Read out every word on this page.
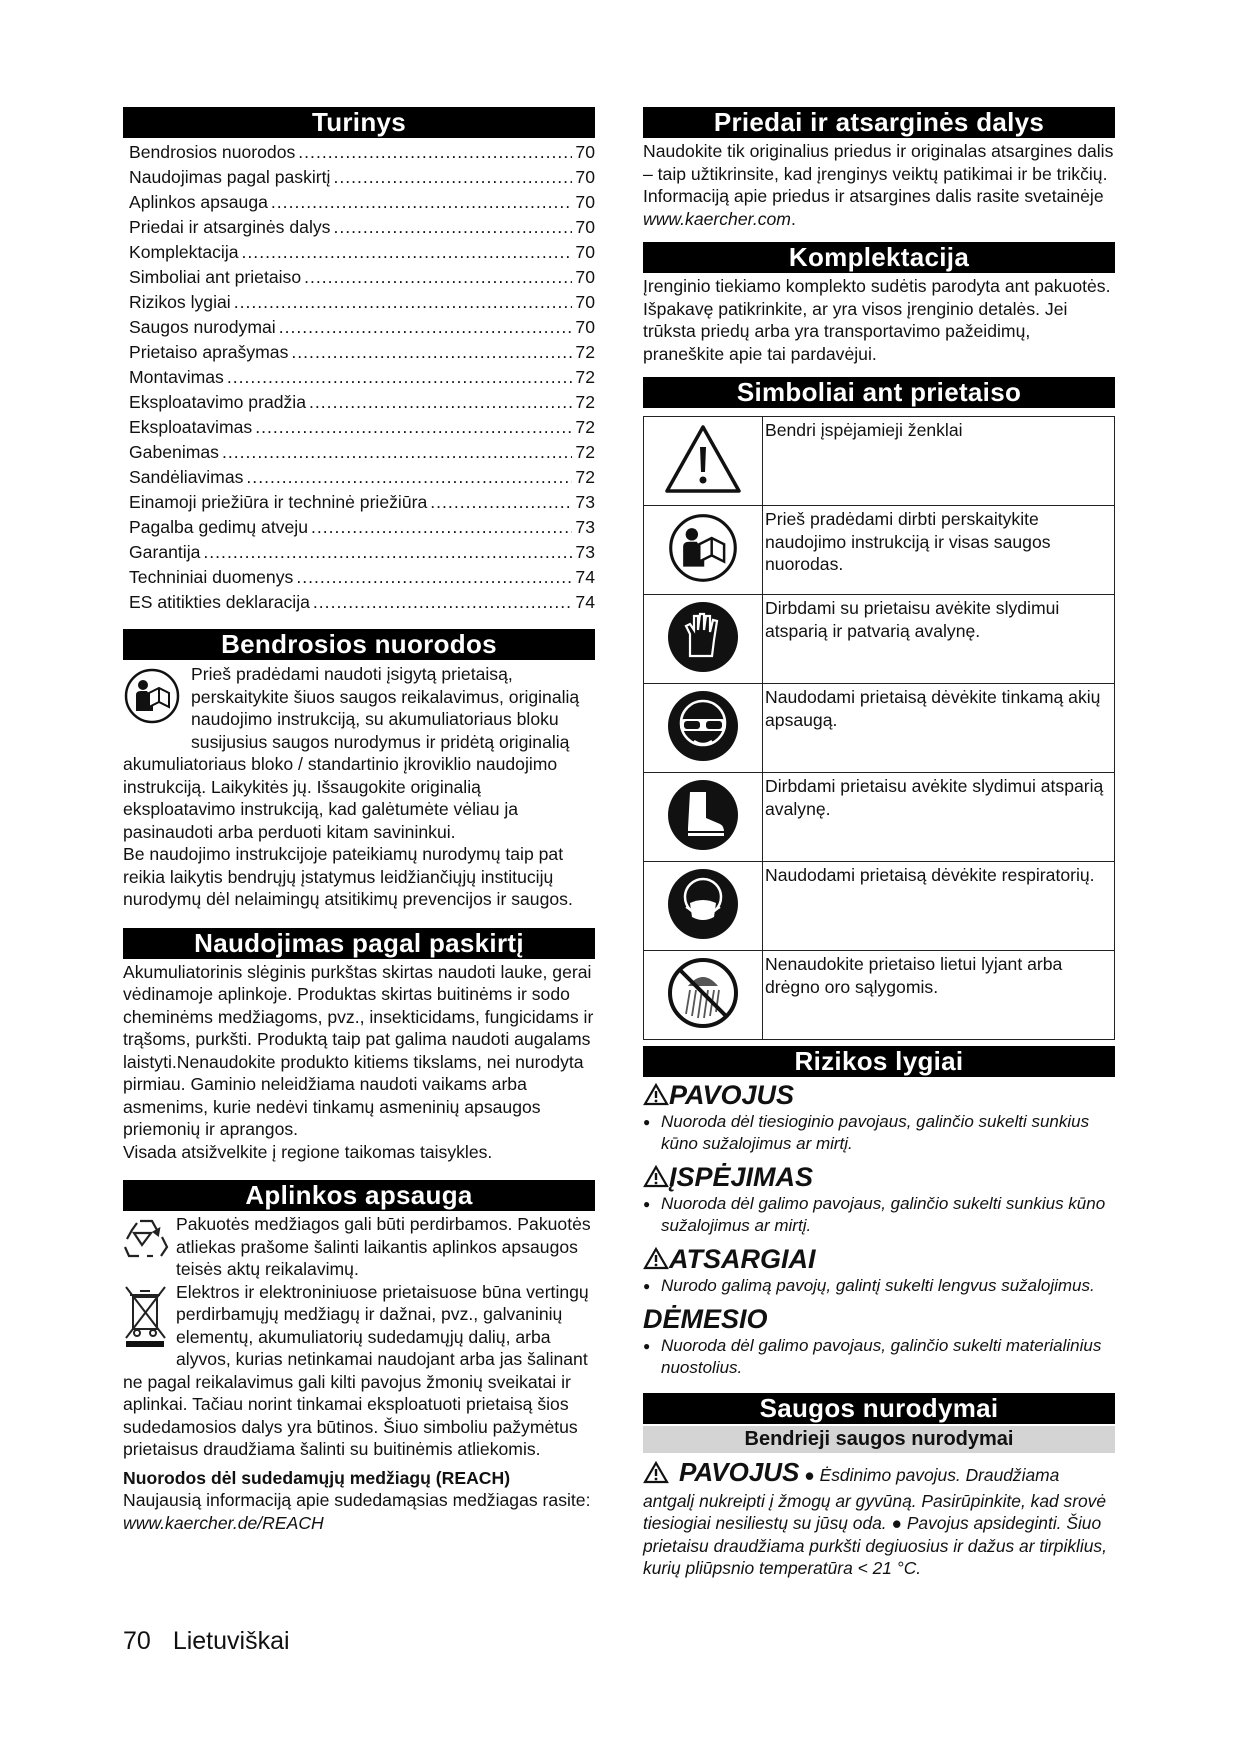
Turinys
Bendrosios nuorodos .....	70
Naudojimas pagal paskirtį .....	70
Aplinkos apsauga .....	70
Priedai ir atsarginės dalys .....	70
Komplektacija .....	70
Simboliai ant prietaiso .....	70
Rizikos lygiai .....	70
Saugos nurodymai .....	70
Prietaiso aprašymas .....	72
Montavimas .....	72
Eksploatavimo pradžia .....	72
Eksploatavimas .....	72
Gabenimas .....	72
Sandėliavimas .....	72
Einamoji priežiūra ir techninė priežiūra .....	73
Pagalba gedimų atveju .....	73
Garantija .....	73
Techniniai duomenys .....	74
ES atitikties deklaracija .....	74
Bendrosios nuorodos

Prieš pradėdami naudoti įsigytą prietaisą, perskaitykite šiuos saugos reikalavimus, originalią naudojimo instrukciją, su akumuliatoriaus bloku susijusius saugos nurodymus ir pridėtą originalią akumuliatoriaus bloko / standartinio įkroviklio naudojimo instrukciją. Laikykitės jų. Išsaugokite originalią eksploatavimo instrukciją, kad galėtumėte vėliau ja pasinaudoti arba perduoti kitam savininkui.

Be naudojimo instrukcijoje pateikiamų nurodymų taip pat reikia laikytis bendrųjų įstatymus leidžiančiųjų institucijų nurodymų dėl nelaimingų atsitikimų prevencijos ir saugos.

Naudojimas pagal paskirtį

Akumuliatorinis slėginis purkštas skirtas naudoti lauke, gerai vėdinamoje aplinkoje. Produktas skirtas buitinėms ir sodo cheminėms medžiagoms, pvz., insekticidams, fungicidams ir trąšoms, purkšti. Produktą taip pat galima naudoti augalams laistyti.Nenaudokite produkto kitiems tikslams, nei nurodyta pirmiau. Gaminio neleidžiama naudoti vaikams arba asmenims, kurie nedėvi tinkamų asmeninių apsaugos priemonių ir aprangos.

Visada atsižvelkite į regione taikomas taisykles.

Aplinkos apsauga

Pakuotės medžiagos gali būti perdirbamos. Pakuotės atliekas prašome šalinti laikantis aplinkos apsaugos teisės aktų reikalavimų.

Elektros ir elektroniniuose prietaisuose būna vertingų perdirbamųjų medžiagų ir dažnai, pvz., galvaninių elementų, akumuliatorių sudedamųjų dalių, arba alyvos, kurias netinkamai naudojant arba jas šalinant ne pagal reikalavimus gali kilti pavojus žmonių sveikatai ir aplinkai. Tačiau norint tinkamai eksploatuoti prietaisą šios sudedamosios dalys yra būtinos. Šiuo simboliu pažymėtus prietaisus draudžiama šalinti su buitinėmis atliekomis.

Nuorodos dėl sudedamųjų medžiagų (REACH)

Naujausią informaciją apie sudedamąsias medžiagas rasite: www.kaercher.de/REACH

Priedai ir atsarginės dalys

Naudokite tik originalius priedus ir originalas atsargines dalis – taip užtikrinsite, kad įrenginys veiktų patikimai ir be trikčių.

Informaciją apie priedus ir atsargines dalis rasite svetainėje www.kaercher.com.

Komplektacija

Įrenginio tiekiamo komplekto sudėtis parodyta ant pakuotės. Išpakavę patikrinkite, ar yra visos įrenginio detalės. Jei trūksta priedų arba yra transportavimo pažeidimų, praneškite apie tai pardavėjui.

Simboliai ant prietaiso
	Bendri įspėjamieji ženklai
	Prieš pradėdami dirbti perskaitykite naudojimo instrukciją ir visas saugos nuorodas.
	Dirbdami su prietaisu avėkite slydimui atsparią ir patvarią avalynę.
	Naudodami prietaisą dėvėkite tinkamą akių apsaugą.
	Dirbdami prietaisu avėkite slydimui atsparią avalynę.
	Naudodami prietaisą dėvėkite respiratorių.
	Nenaudokite prietaiso lietui lyjant arba drėgno oro sąlygomis.
Rizikos lygiai
PAVOJUS
● Nuoroda dėl tiesioginio pavojaus, galinčio sukelti sunkius kūno sužalojimus ar mirtį.
ĮSPĖJIMAS
● Nuoroda dėl galimo pavojaus, galinčio sukelti sunkius kūno sužalojimus ar mirtį.
ATSARGIAI
● Nurodo galimą pavojų, galintį sukelti lengvus sužalojimus.
DĖMESIO
● Nuoroda dėl galimo pavojaus, galinčio sukelti materialinius nuostolius.
Saugos nurodymai
Bendrieji saugos nurodymai

PAVOJUS ● Ėsdinimo pavojus. Draudžiama antgalį nukreipti į žmogų ar gyvūną. Pasirūpinkite, kad srovė tiesiogiai nesiliestų su jūsų oda. ● Pavojus apsideginti. Šiuo prietaisu draudžiama purkšti degiuosius ir dažus ar tirpiklius, kurių pliūpsnio temperatūra < 21 °C.

70 Lietuviškai
